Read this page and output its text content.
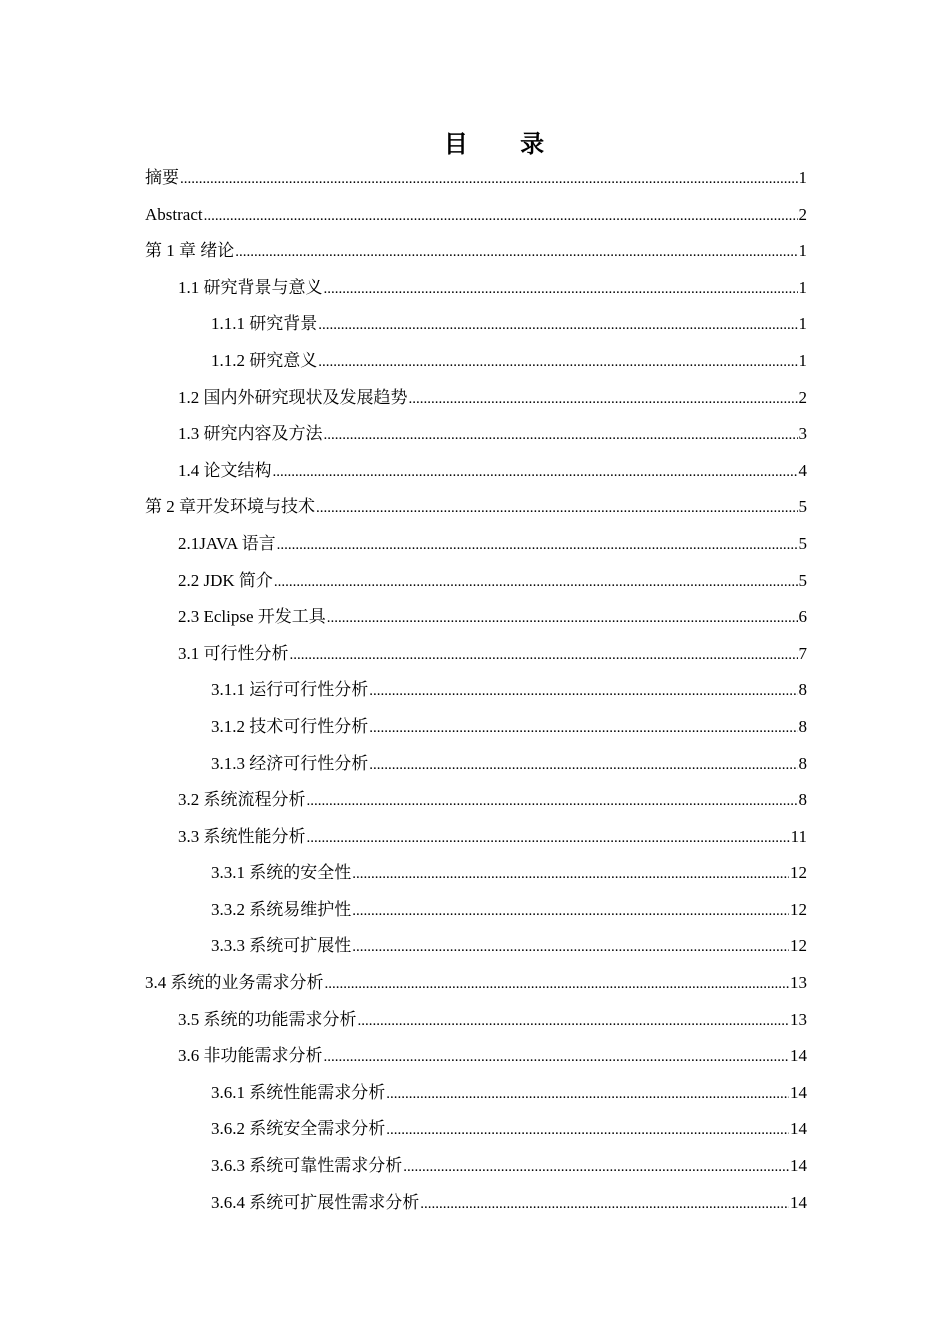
目 录
摘要 .....	1
Abstract .....	2
第 1 章 绪论 .....	1
1.1 研究背景与意义 .....	1
1.1.1 研究背景 .....	1
1.1.2 研究意义 .....	1
1.2 国内外研究现状及发展趋势 .....	2
1.3 研究内容及方法 .....	3
1.4 论文结构 .....	4
第 2 章开发环境与技术 .....	5
2.1JAVA 语言 .....	5
2.2 JDK 简介 .....	5
2.3 Eclipse 开发工具 .....	6
3.1 可行性分析 .....	7
3.1.1 运行可行性分析 .....	8
3.1.2 技术可行性分析 .....	8
3.1.3 经济可行性分析 .....	8
3.2 系统流程分析 .....	8
3.3 系统性能分析 .....	11
3.3.1 系统的安全性 .....	12
3.3.2 系统易维护性 .....	12
3.3.3 系统可扩展性 .....	12
3.4 系统的业务需求分析 .....	13
3.5 系统的功能需求分析 .....	13
3.6 非功能需求分析 .....	14
3.6.1 系统性能需求分析 .....	14
3.6.2 系统安全需求分析 .....	14
3.6.3 系统可靠性需求分析 .....	14
3.6.4 系统可扩展性需求分析 .....	14
